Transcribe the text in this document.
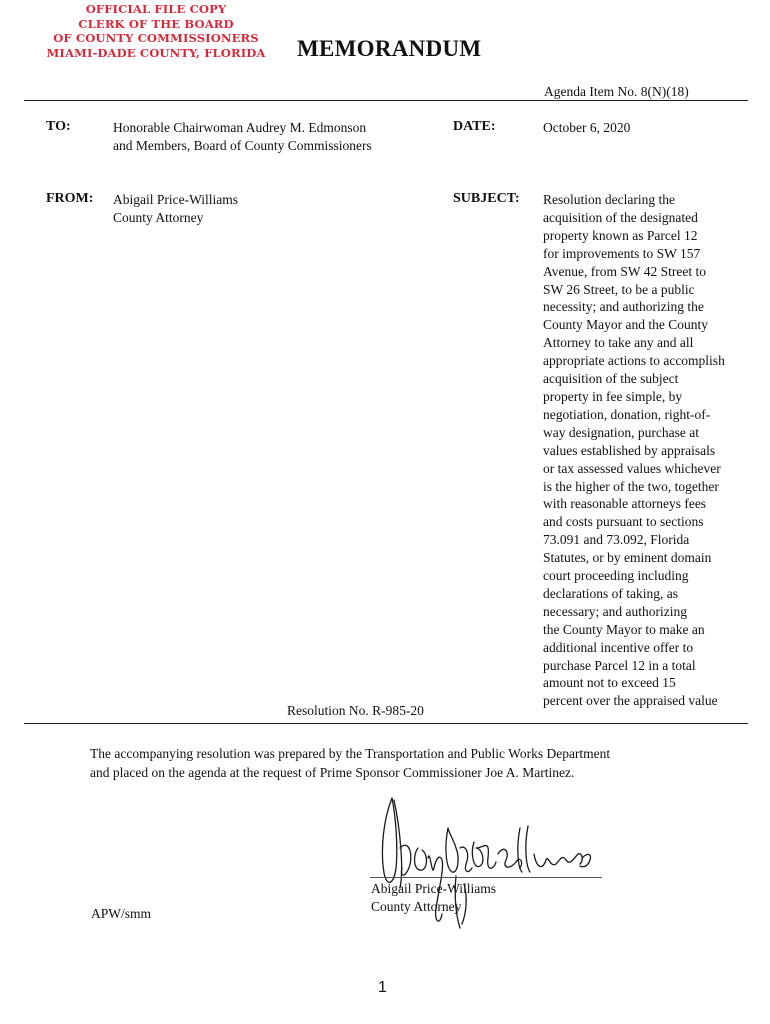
OFFICIAL FILE COPY
CLERK OF THE BOARD
OF COUNTY COMMISSIONERS
MIAMI-DADE COUNTY, FLORIDA MEMORANDUM
Agenda Item No. 8(N)(18)
TO:	Honorable Chairwoman Audrey M. Edmonson
and Members, Board of County Commissioners
DATE:	October 6, 2020
FROM: Abigail Price-Williams
County Attorney
SUBJECT: Resolution declaring the
acquisition of the designated
property known as Parcel 12
for improvements to SW 157
Avenue, from SW 42 Street to
SW 26 Street, to be a public
necessity; and authorizing the
County Mayor and the County
Attorney to take any and all
appropriate actions to accomplish
acquisition of the subject
property in fee simple, by
negotiation, donation, right-of-
way designation, purchase at
values established by appraisals
or tax assessed values whichever
is the higher of the two, together
with reasonable attorneys fees
and costs pursuant to sections
73.091 and 73.092, Florida
Statutes, or by eminent domain
court proceeding including
declarations of taking, as
necessary; and authorizing
the County Mayor to make an
additional incentive offer to
purchase Parcel 12 in a total
amount not to exceed 15
percent over the appraised value
Resolution No. R-985-20
The accompanying resolution was prepared by the Transportation and Public Works Department
and placed on the agenda at the request of Prime Sponsor Commissioner Joe A. Martinez.
Abigail Price-Williams
County Attorney
APW/smm
1
